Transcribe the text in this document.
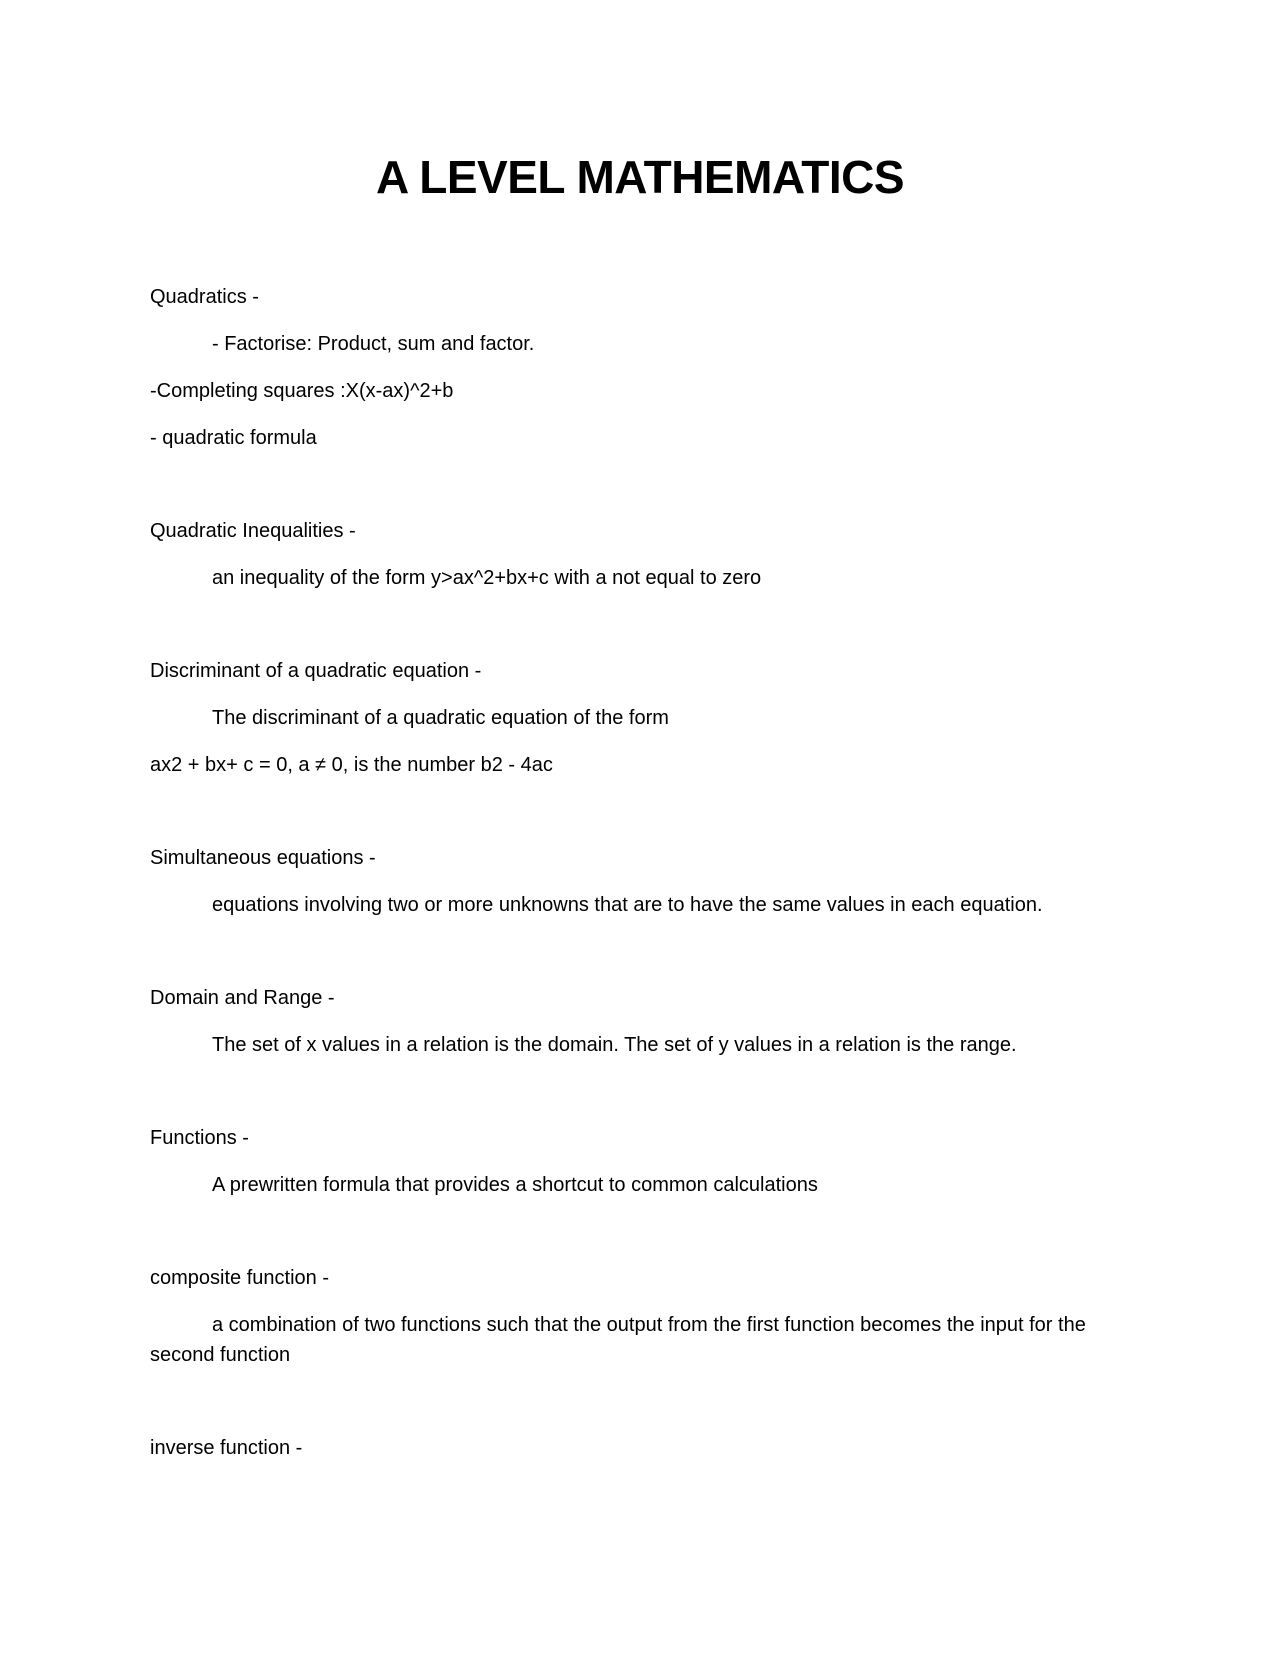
A LEVEL MATHEMATICS

Quadratics -

- Factorise: Product, sum and factor.

-Completing squares :X(x-ax)^2+b

- quadratic formula

Quadratic Inequalities -

an inequality of the form y>ax^2+bx+c with a not equal to zero

Discriminant of a quadratic equation -

The discriminant of a quadratic equation of the form

ax2 + bx+ c = 0, a ≠ 0, is the number b2 - 4ac

Simultaneous equations -

equations involving two or more unknowns that are to have the same values in each equation.

Domain and Range -

The set of x values in a relation is the domain. The set of y values in a relation is the range.

Functions -

A prewritten formula that provides a shortcut to common calculations

composite function -

a combination of two functions such that the output from the first function becomes the input for the second function

inverse function -
